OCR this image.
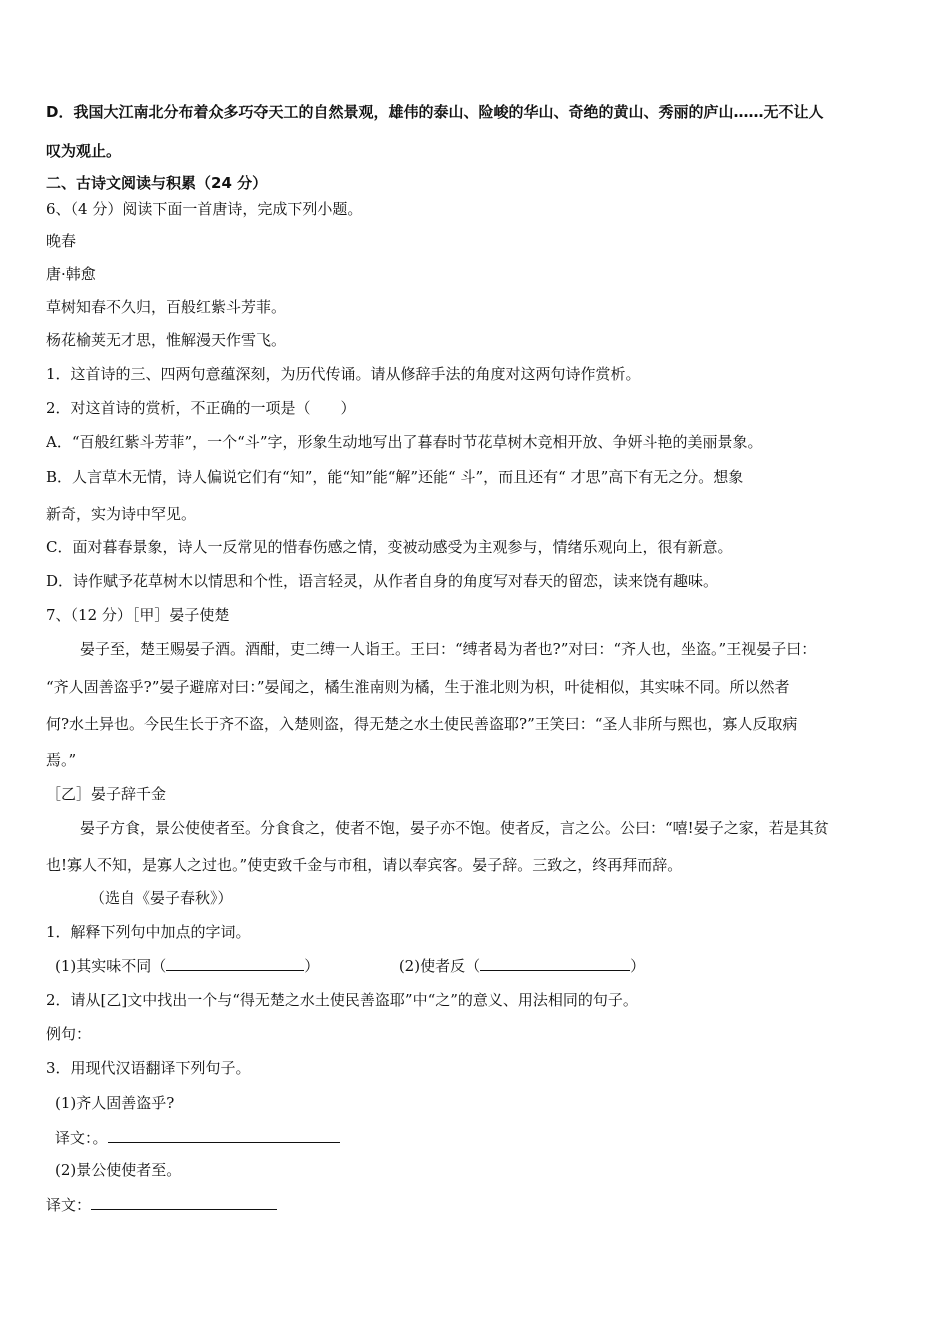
D．我国大江南北分布着众多巧夺天工的自然景观，雄伟的泰山、险峻的华山、奇绝的黄山、秀丽的庐山……无不让人
叹为观止。
二、古诗文阅读与积累（24 分）
6、（4 分）阅读下面一首唐诗，完成下列小题。
晚春
唐·韩愈
草树知春不久归，百般红紫斗芳菲。
杨花榆荚无才思，惟解漫天作雪飞。
1．这首诗的三、四两句意蕴深刻，为历代传诵。请从修辞手法的角度对这两句诗作赏析。
2．对这首诗的赏析，不正确的一项是（　　）
A．“百般红紫斗芳菲”，一个“斗”字，形象生动地写出了暮春时节花草树木竞相开放、争妍斗艳的美丽景象。
B．人言草木无情，诗人偏说它们有“知”，能“知”能“解”还能“ 斗”，而且还有“ 才思”高下有无之分。想象
新奇，实为诗中罕见。
C．面对暮春景象，诗人一反常见的惜春伤感之情，变被动感受为主观参与，情绪乐观向上，很有新意。
D．诗作赋予花草树木以情思和个性，语言轻灵，从作者自身的角度写对春天的留恋，读来饶有趣味。
7、（12 分）［甲］晏子使楚
晏子至，楚王赐晏子酒。酒酣，吏二缚一人诣王。王曰：“缚者曷为者也?”对曰：“齐人也，坐盗。”王视晏子曰：
“齐人固善盗乎?”晏子避席对曰：”晏闻之，橘生淮南则为橘，生于淮北则为枳，叶徒相似，其实味不同。所以然者
何?水土异也。今民生长于齐不盗，入楚则盗，得无楚之水土使民善盗耶?”王笑曰：“圣人非所与熙也，寡人反取病
焉。”
［乙］晏子辞千金
晏子方食，景公使使者至。分食食之，使者不饱，晏子亦不饱。使者反，言之公。公曰：“嘻!晏子之家，若是其贫
也!寡人不知，是寡人之过也。”使吏致千金与市租，请以奉宾客。晏子辞。三致之，终再拜而辞。
（选自《晏子春秋》）
1．解释下列句中加点的字词。
(1)其实味不同（	）	(2)使者反（	）
2．请从[乙]文中找出一个与“得无楚之水土使民善盗耶”中“之”的意义、用法相同的句子。
例句：
3．用现代汉语翻译下列句子。
(1)齐人固善盗乎?
译文：。
(2)景公使使者至。
译文：
